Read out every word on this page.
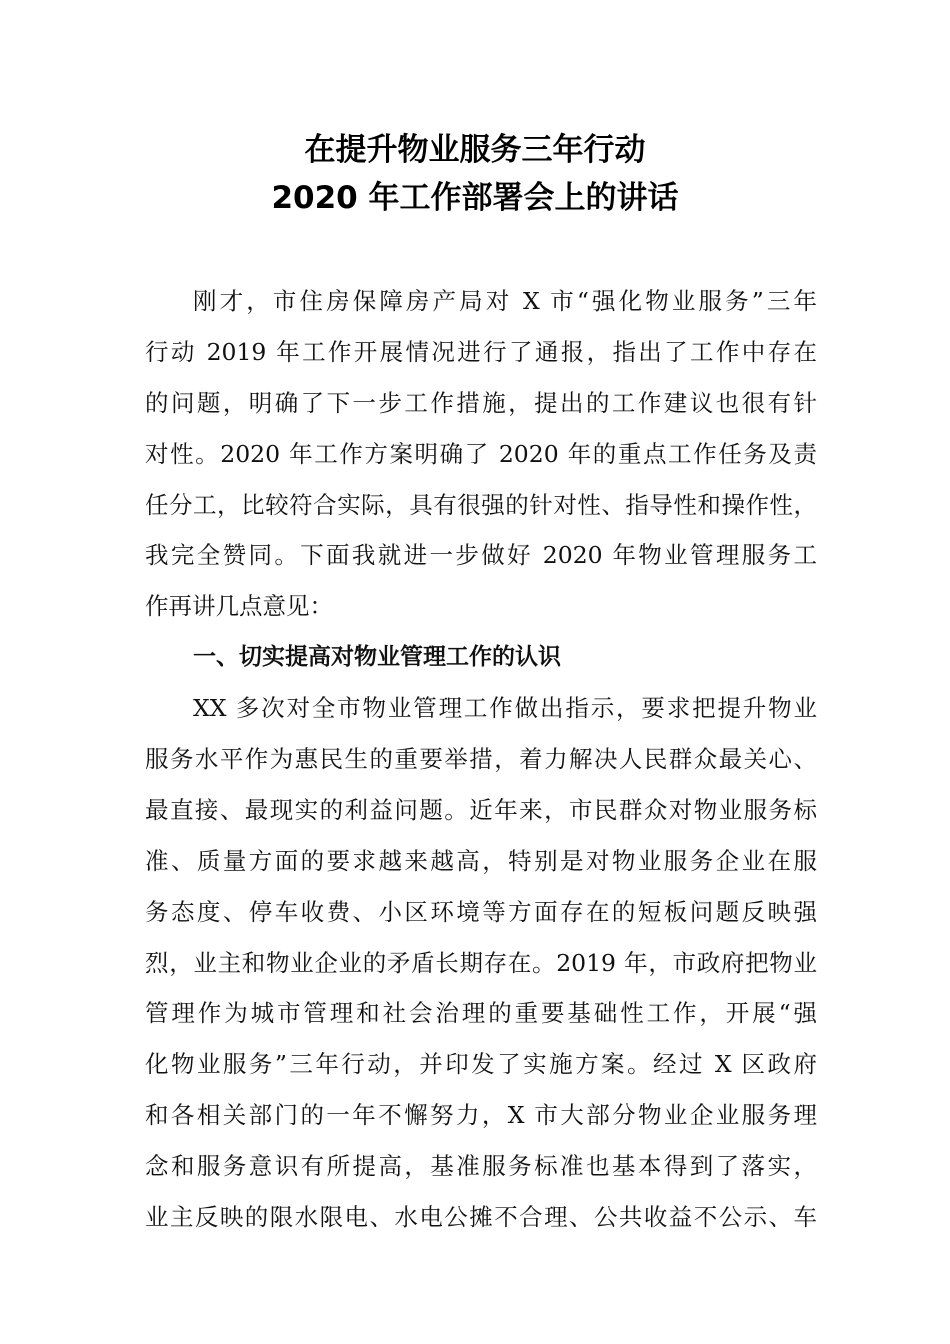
在提升物业服务三年行动
2020 年工作部署会上的讲话
刚才，市住房保障房产局对 X 市“强化物业服务”三年
行动 2019 年工作开展情况进行了通报，指出了工作中存在
的问题，明确了下一步工作措施，提出的工作建议也很有针
对性。2020 年工作方案明确了 2020 年的重点工作任务及责
任分工，比较符合实际，具有很强的针对性、指导性和操作性，
我完全赞同。下面我就进一步做好 2020 年物业管理服务工
作再讲几点意见：
一、切实提高对物业管理工作的认识
XX 多次对全市物业管理工作做出指示，要求把提升物业
服务水平作为惠民生的重要举措，着力解决人民群众最关心、
最直接、最现实的利益问题。近年来，市民群众对物业服务标
准、质量方面的要求越来越高，特别是对物业服务企业在服
务态度、停车收费、小区环境等方面存在的短板问题反映强
烈，业主和物业企业的矛盾长期存在。2019 年，市政府把物业
管理作为城市管理和社会治理的重要基础性工作，开展“强
化物业服务”三年行动，并印发了实施方案。经过 X 区政府
和各相关部门的一年不懈努力，X 市大部分物业企业服务理
念和服务意识有所提高，基准服务标准也基本得到了落实，
业主反映的限水限电、水电公摊不合理、公共收益不公示、车
